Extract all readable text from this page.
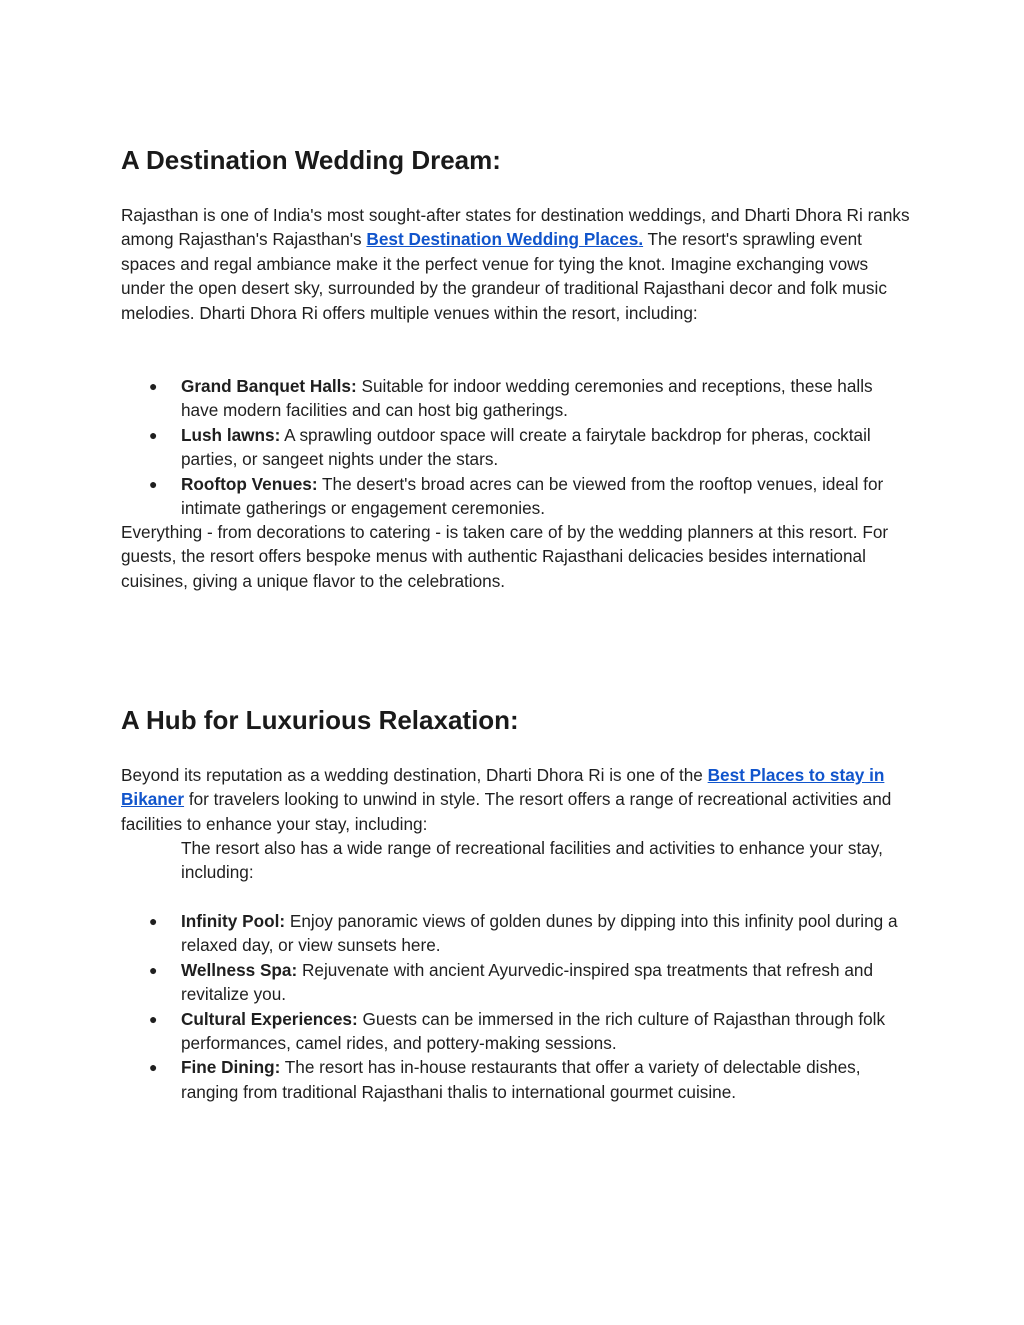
A Destination Wedding Dream:

Rajasthan is one of India's most sought-after states for destination weddings, and Dharti Dhora Ri ranks among Rajasthan's Rajasthan's Best Destination Wedding Places. The resort's sprawling event spaces and regal ambiance make it the perfect venue for tying the knot. Imagine exchanging vows under the open desert sky, surrounded by the grandeur of traditional Rajasthani decor and folk music melodies. Dharti Dhora Ri offers multiple venues within the resort, including:

● Grand Banquet Halls: Suitable for indoor wedding ceremonies and receptions, these halls have modern facilities and can host big gatherings.
● Lush lawns: A sprawling outdoor space will create a fairytale backdrop for pheras, cocktail parties, or sangeet nights under the stars.
● Rooftop Venues: The desert's broad acres can be viewed from the rooftop venues, ideal for intimate gatherings or engagement ceremonies.

Everything - from decorations to catering - is taken care of by the wedding planners at this resort. For guests, the resort offers bespoke menus with authentic Rajasthani delicacies besides international cuisines, giving a unique flavor to the celebrations.

A Hub for Luxurious Relaxation:

Beyond its reputation as a wedding destination, Dharti Dhora Ri is one of the Best Places to stay in Bikaner for travelers looking to unwind in style. The resort offers a range of recreational activities and facilities to enhance your stay, including:

The resort also has a wide range of recreational facilities and activities to enhance your stay, including:

● Infinity Pool: Enjoy panoramic views of golden dunes by dipping into this infinity pool during a relaxed day, or view sunsets here.
● Wellness Spa: Rejuvenate with ancient Ayurvedic-inspired spa treatments that refresh and revitalize you.
● Cultural Experiences: Guests can be immersed in the rich culture of Rajasthan through folk performances, camel rides, and pottery-making sessions.
● Fine Dining: The resort has in-house restaurants that offer a variety of delectable dishes, ranging from traditional Rajasthani thalis to international gourmet cuisine.
